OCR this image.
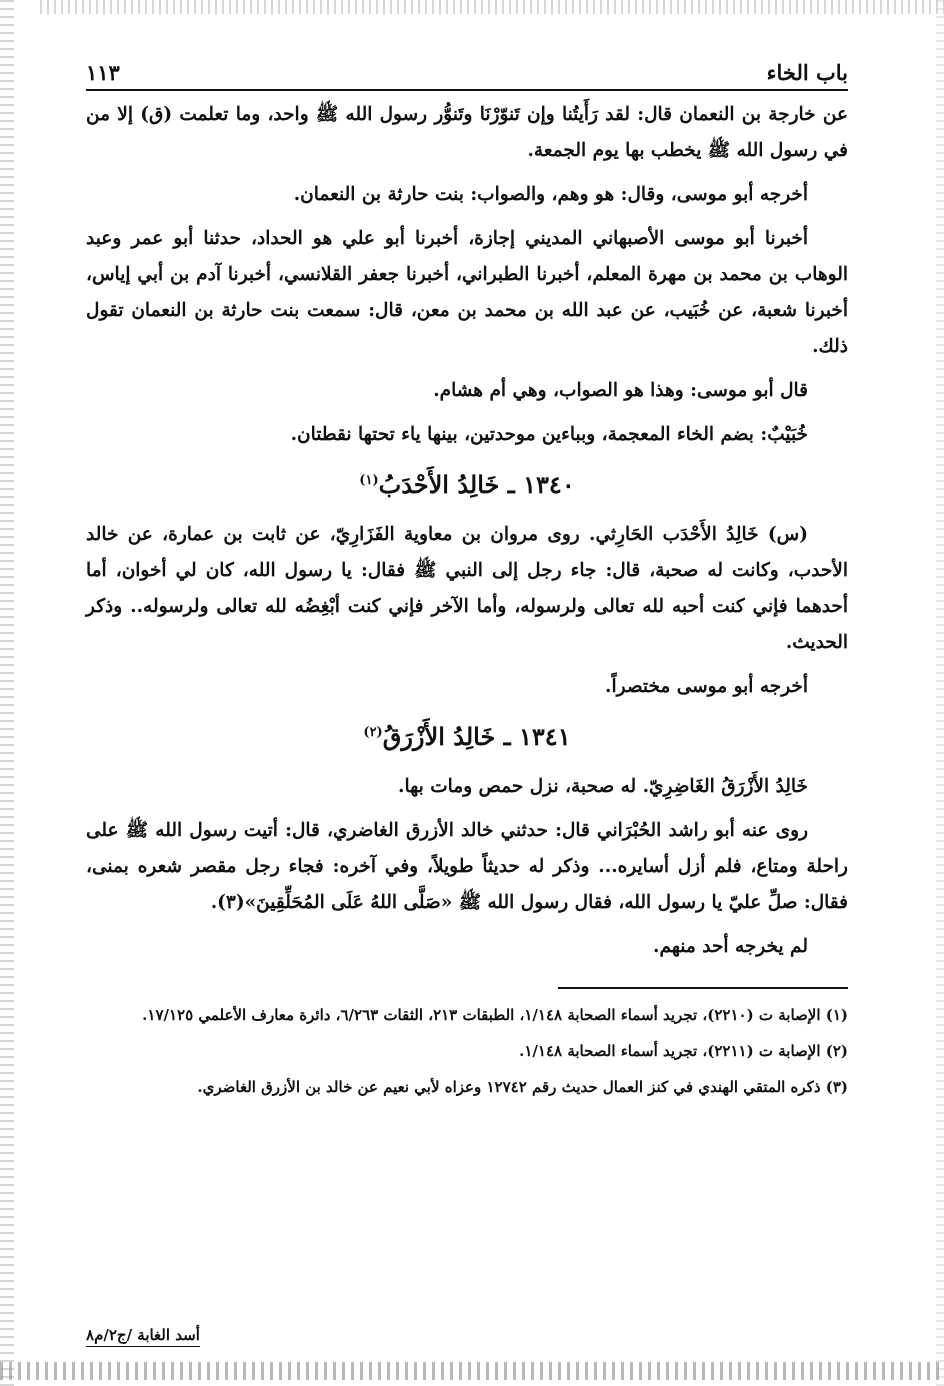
باب الخاء
١١٣

عن خارجة بن النعمان قال: لقد رَأَيتُنا وإن تَنوّرْنَا وتَنوُّر رسول الله ﷺ واحد، وما تعلمت (ق) إلا من في رسول الله ﷺ يخطب بها يوم الجمعة.

أخرجه أبو موسى، وقال: هو وهم، والصواب: بنت حارثة بن النعمان.

أخبرنا أبو موسى الأصبهاني المديني إجازة، أخبرنا أبو علي هو الحداد، حدثنا أبو عمر وعبد الوهاب بن محمد بن مهرة المعلم، أخبرنا الطبراني، أخبرنا جعفر القلانسي، أخبرنا آدم بن أبي إياس، أخبرنا شعبة، عن خُبَيب، عن عبد الله بن محمد بن معن، قال: سمعت بنت حارثة بن النعمان تقول ذلك.

قال أبو موسى: وهذا هو الصواب، وهي أم هشام.

خُبَيْبٌ: بضم الخاء المعجمة، وبباءين موحدتين، بينها ياء تحتها نقطتان.

١٣٤٠ ـ خَالِدُ الأَحْدَبُ$^{(١)}$

(س) خَالِدُ الأَحْدَب الحَارِثي. روى مروان بن معاوية الفَزَارِيّ، عن ثابت بن عمارة، عن خالد الأحدب، وكانت له صحبة، قال: جاء رجل إلى النبي ﷺ فقال: يا رسول الله، كان لي أخوان، أما أحدهما فإني كنت أحبه لله تعالى ولرسوله، وأما الآخر فإني كنت أبْغِضُه لله تعالى ولرسوله.. وذكر الحديث.

أخرجه أبو موسى مختصراً.

١٣٤١ ـ خَالِدُ الأَزْرَقُ$^{(٢)}$

خَالِدُ الأَزْرَقُ الغَاضِرِيّ. له صحبة، نزل حمص ومات بها.

روى عنه أبو راشد الحُبْرَاني قال: حدثني خالد الأزرق الغاضري، قال: أتيت رسول الله ﷺ على راحلة ومتاع، فلم أزل أسايره... وذكر له حديثاً طويلاً، وفي آخره: فجاء رجل مقصر شعره بمنى، فقال: صلِّ عليّ يا رسول الله، فقال رسول الله ﷺ «صَلَّى اللهُ عَلَى المُحَلِّقِينَ»(٣).

لم يخرجه أحد منهم.

(١) الإصابة ت (٢٢١٠)، تجريد أسماء الصحابة ١/١٤٨، الطبقات ٢١٣، الثقات ٦/٢٦٣، دائرة معارف الأعلمي ١٧/١٢٥.

(٢) الإصابة ت (٢٢١١)، تجريد أسماء الصحابة ١/١٤٨.

(٣) ذكره المتقي الهندي في كنز العمال حديث رقم ١٢٧٤٢ وعزاه لأبي نعيم عن خالد بن الأزرق الغاضري.

أسد الغابة /ج٢/م٨
